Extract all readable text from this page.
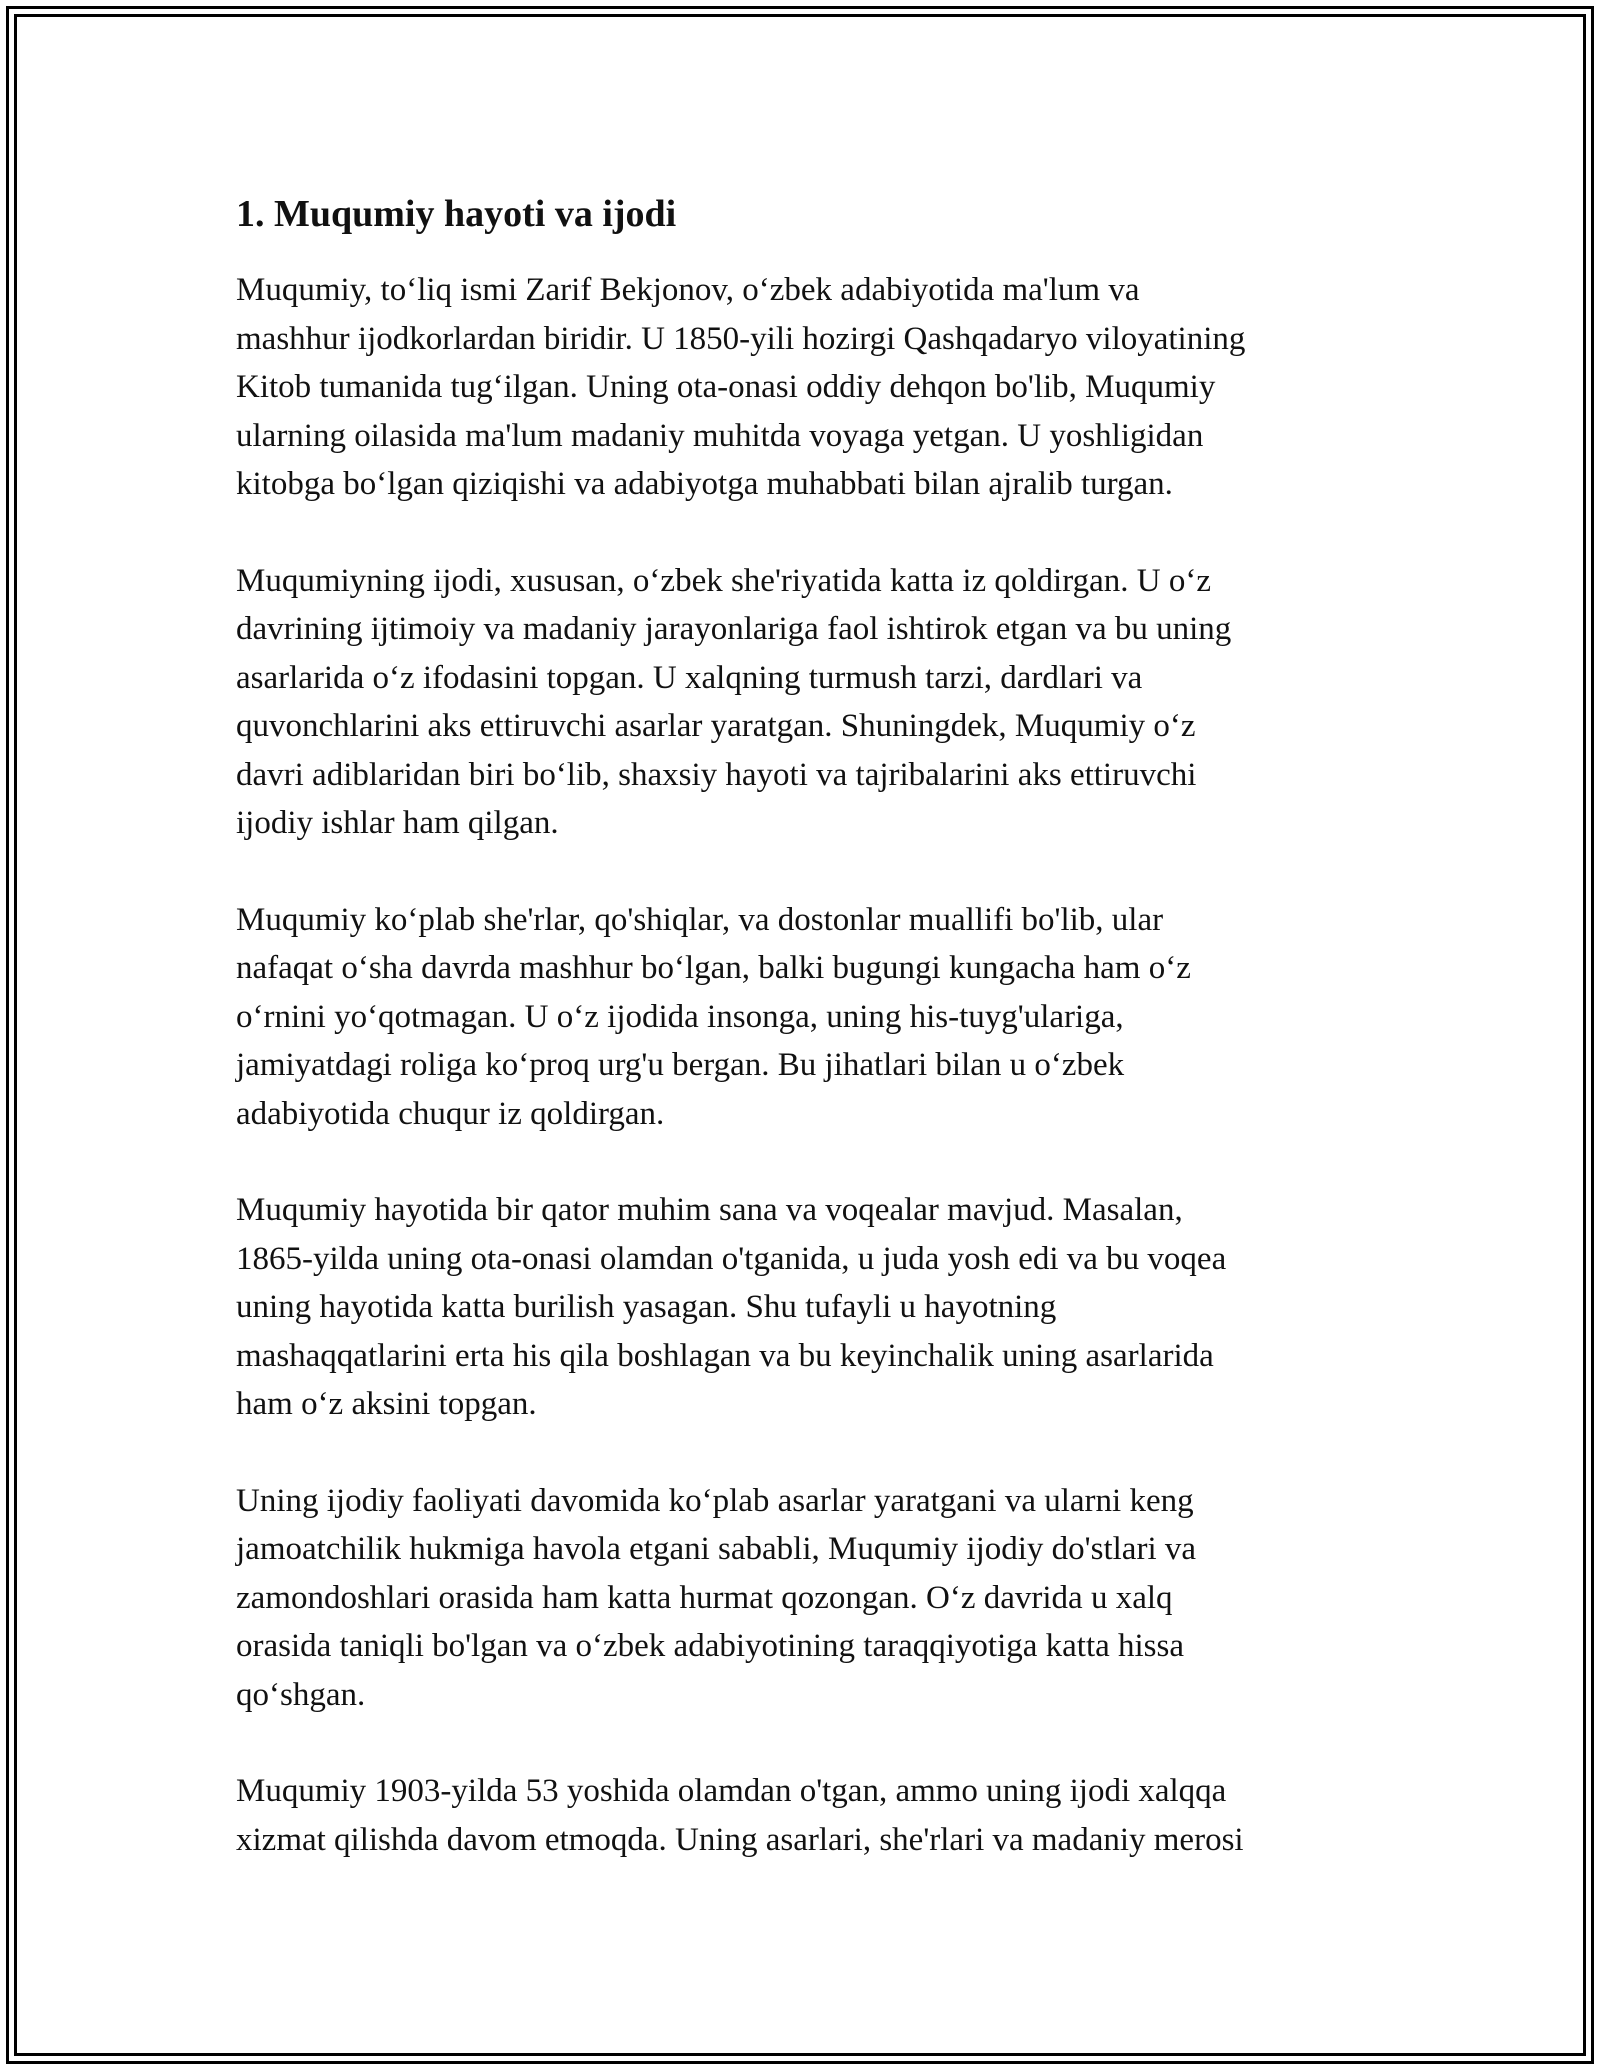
1. Muqumiy hayoti va ijodi

Muqumiy, to‘liq ismi Zarif Bekjonov, o‘zbek adabiyotida ma'lum va
mashhur ijodkorlardan biridir. U 1850-yili hozirgi Qashqadaryo viloyatining
Kitob tumanida tug‘ilgan. Uning ota-onasi oddiy dehqon bo'lib, Muqumiy
ularning oilasida ma'lum madaniy muhitda voyaga yetgan. U yoshligidan
kitobga bo‘lgan qiziqishi va adabiyotga muhabbati bilan ajralib turgan.

Muqumiyning ijodi, xususan, o‘zbek she'riyatida katta iz qoldirgan. U o‘z
davrining ijtimoiy va madaniy jarayonlariga faol ishtirok etgan va bu uning
asarlarida o‘z ifodasini topgan. U xalqning turmush tarzi, dardlari va
quvonchlarini aks ettiruvchi asarlar yaratgan. Shuningdek, Muqumiy o‘z
davri adiblaridan biri bo‘lib, shaxsiy hayoti va tajribalarini aks ettiruvchi
ijodiy ishlar ham qilgan.

Muqumiy ko‘plab she'rlar, qo'shiqlar, va dostonlar muallifi bo'lib, ular
nafaqat o‘sha davrda mashhur bo‘lgan, balki bugungi kungacha ham o‘z
o‘rnini yo‘qotmagan. U o‘z ijodida insonga, uning his-tuyg'ulariga,
jamiyatdagi roliga ko‘proq urg'u bergan. Bu jihatlari bilan u o‘zbek
adabiyotida chuqur iz qoldirgan.

Muqumiy hayotida bir qator muhim sana va voqealar mavjud. Masalan,
1865-yilda uning ota-onasi olamdan o'tganida, u juda yosh edi va bu voqea
uning hayotida katta burilish yasagan. Shu tufayli u hayotning
mashaqqatlarini erta his qila boshlagan va bu keyinchalik uning asarlarida
ham o‘z aksini topgan.

Uning ijodiy faoliyati davomida ko‘plab asarlar yaratgani va ularni keng
jamoatchilik hukmiga havola etgani sababli, Muqumiy ijodiy do'stlari va
zamondoshlari orasida ham katta hurmat qozongan. O‘z davrida u xalq
orasida taniqli bo'lgan va o‘zbek adabiyotining taraqqiyotiga katta hissa
qo‘shgan.

Muqumiy 1903-yilda 53 yoshida olamdan o'tgan, ammo uning ijodi xalqqa
xizmat qilishda davom etmoqda. Uning asarlari, she'rlari va madaniy merosi
